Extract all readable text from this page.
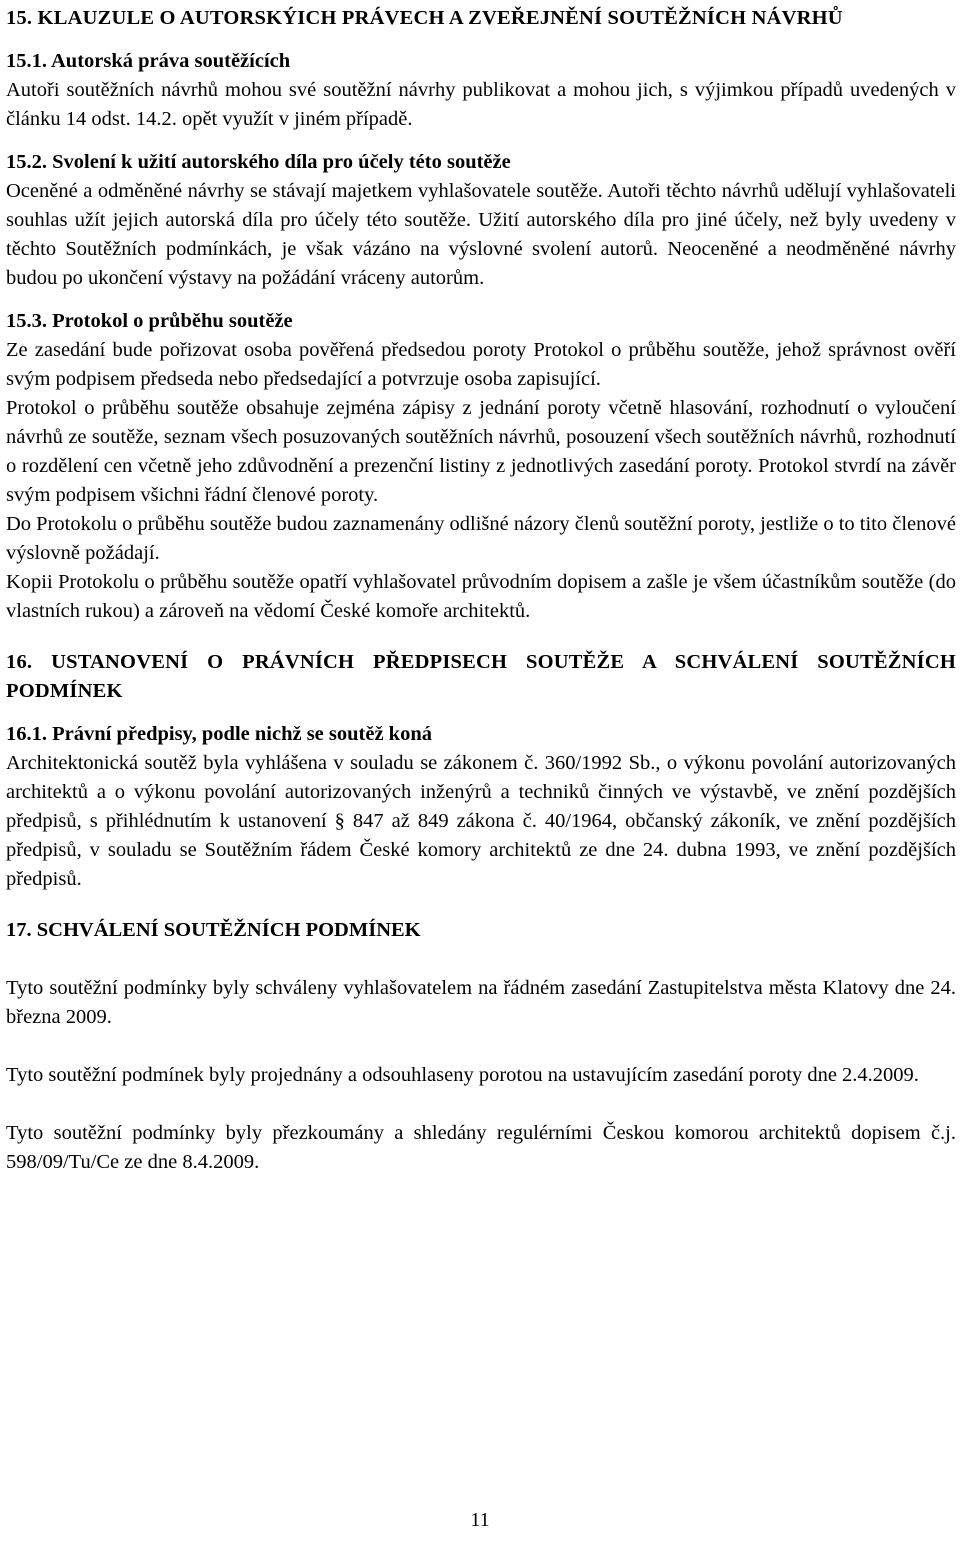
15. KLAUZULE O AUTORSKÝICH PRÁVECH A ZVEŘEJNĚNÍ SOUTĚŽNÍCH NÁVRHŮ
15.1. Autorská práva soutěžících

Autoři soutěžních návrhů mohou své soutěžní návrhy publikovat a mohou jich, s výjimkou případů uvedených v článku 14 odst. 14.2. opět využít v jiném případě.

15.2. Svolení k užití autorského díla pro účely této soutěže

Oceněné a odměněné návrhy se stávají majetkem vyhlašovatele soutěže. Autoři těchto návrhů udělují vyhlašovateli souhlas užít jejich autorská díla pro účely této soutěže. Užití autorského díla pro jiné účely, než byly uvedeny v těchto Soutěžních podmínkách, je však vázáno na výslovné svolení autorů. Neoceněné a neodměněné návrhy budou po ukončení výstavy na požádání vráceny autorům.

15.3. Protokol o průběhu soutěže

Ze zasedání bude pořizovat osoba pověřená předsedou poroty Protokol o průběhu soutěže, jehož správnost ověří svým podpisem předseda nebo předsedající a potvrzuje osoba zapisující.

Protokol o průběhu soutěže obsahuje zejména zápisy z jednání poroty včetně hlasování, rozhodnutí o vyloučení návrhů ze soutěže, seznam všech posuzovaných soutěžních návrhů, posouzení všech soutěžních návrhů, rozhodnutí o rozdělení cen včetně jeho zdůvodnění a prezenční listiny z jednotlivých zasedání poroty. Protokol stvrdí na závěr svým podpisem všichni řádní členové poroty.

Do Protokolu o průběhu soutěže budou zaznamenány odlišné názory členů soutěžní poroty, jestliže o to tito členové výslovně požádají.

Kopii Protokolu o průběhu soutěže opatří vyhlašovatel průvodním dopisem a zašle je všem účastníkům soutěže (do vlastních rukou) a zároveň na vědomí České komoře architektů.

16. USTANOVENÍ O PRÁVNÍCH PŘEDPISECH SOUTĚŽE A SCHVÁLENÍ SOUTĚŽNÍCH PODMÍNEK
16.1. Právní předpisy, podle nichž se soutěž koná

Architektonická soutěž byla vyhlášena v souladu se zákonem č. 360/1992 Sb., o výkonu povolání autorizovaných architektů a o výkonu povolání autorizovaných inženýrů a techniků činných ve výstavbě, ve znění pozdějších předpisů, s přihlédnutím k ustanovení § 847 až 849 zákona č. 40/1964, občanský zákoník, ve znění pozdějších předpisů, v souladu se Soutěžním řádem České komory architektů ze dne 24. dubna 1993, ve znění pozdějších předpisů.

17. SCHVÁLENÍ SOUTĚŽNÍCH PODMÍNEK

Tyto soutěžní podmínky byly schváleny vyhlašovatelem na řádném zasedání Zastupitelstva města Klatovy dne 24. března 2009.

Tyto soutěžní podmínek byly projednány a odsouhlaseny porotou na ustavujícím zasedání poroty dne 2.4.2009.

Tyto soutěžní podmínky byly přezkoumány a shledány regulérními Českou komorou architektů dopisem č.j. 598/09/Tu/Ce ze dne 8.4.2009.

11
